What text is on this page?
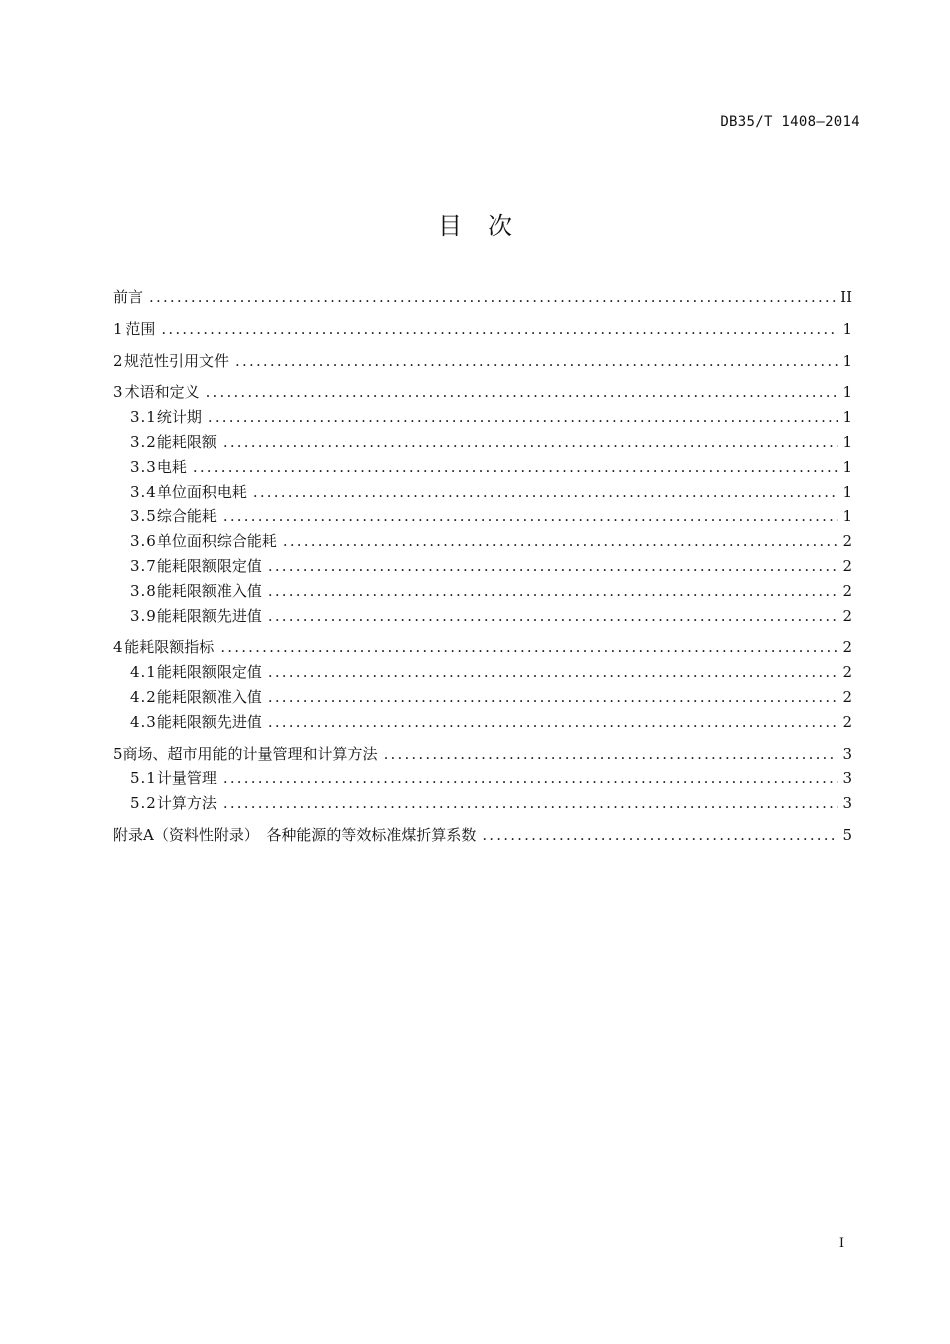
DB35/T 1408—2014
目次
前言 .....	II
1 范围 .....	1
2 规范性引用文件 .....	1
3 术语和定义 .....	1
3.1 统计期 .....	1
3.2 能耗限额 .....	1
3.3 电耗 .....	1
3.4 单位面积电耗 .....	1
3.5 综合能耗 .....	1
3.6 单位面积综合能耗 .....	2
3.7 能耗限额限定值 .....	2
3.8 能耗限额准入值 .....	2
3.9 能耗限额先进值 .....	2
4 能耗限额指标 .....	2
4.1 能耗限额限定值 .....	2
4.2 能耗限额准入值 .....	2
4.3 能耗限额先进值 .....	2
5 商场、超市用能的计量管理和计算方法 .....	3
5.1 计量管理 .....	3
5.2 计算方法 .....	3
附录A（资料性附录）　各种能源的等效标准煤折算系数 .....	5
I
